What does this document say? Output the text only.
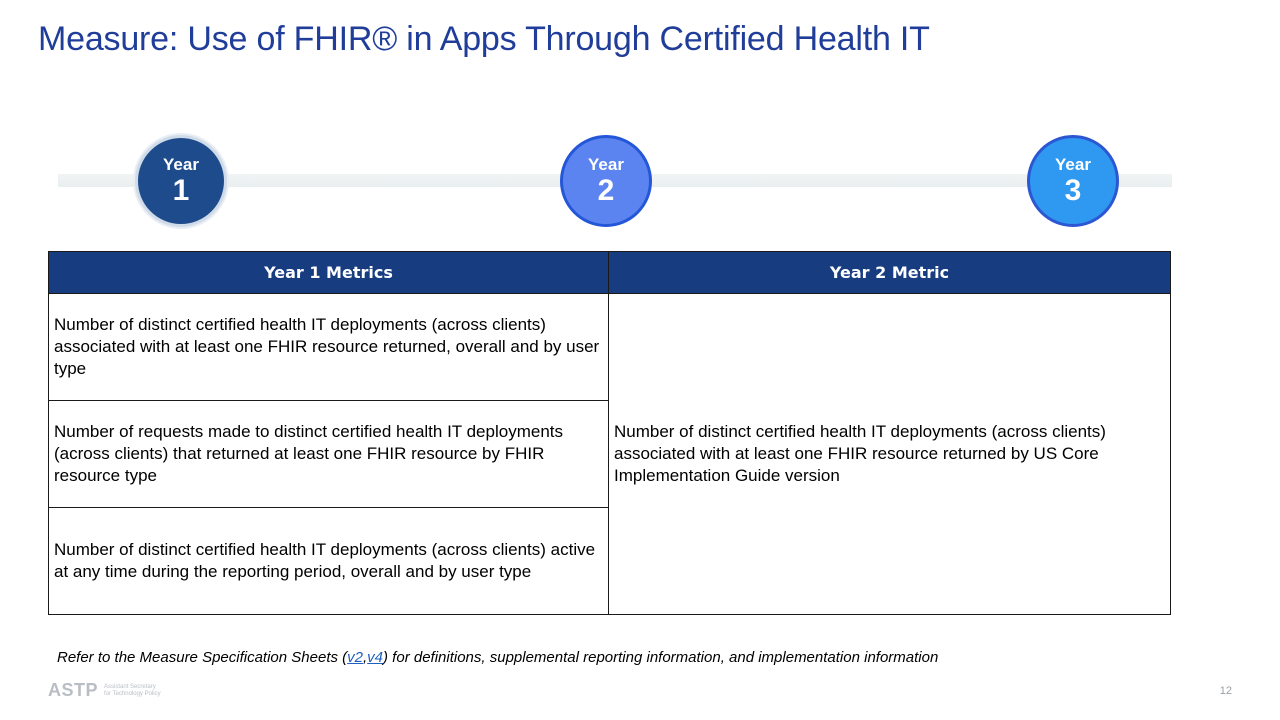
Measure: Use of FHIR® in Apps Through Certified Health IT
Year
1
Year
2
Year
3
Year 1 Metrics	Year 2 Metric
Number of distinct certified health IT deployments (across clients) associated with at least one FHIR resource returned, overall and by user type	Number of distinct certified health IT deployments (across clients) associated with at least one FHIR resource returned by US Core Implementation Guide version
Number of requests made to distinct certified health IT deployments (across clients) that returned at least one FHIR resource by FHIR resource type	
Number of distinct certified health IT deployments (across clients) active at any time during the reporting period, overall and by user type	
Refer to the Measure Specification Sheets (v2,v4) for definitions, supplemental reporting information, and implementation information
ASTP Assistant Secretary
for Technology Policy	12
